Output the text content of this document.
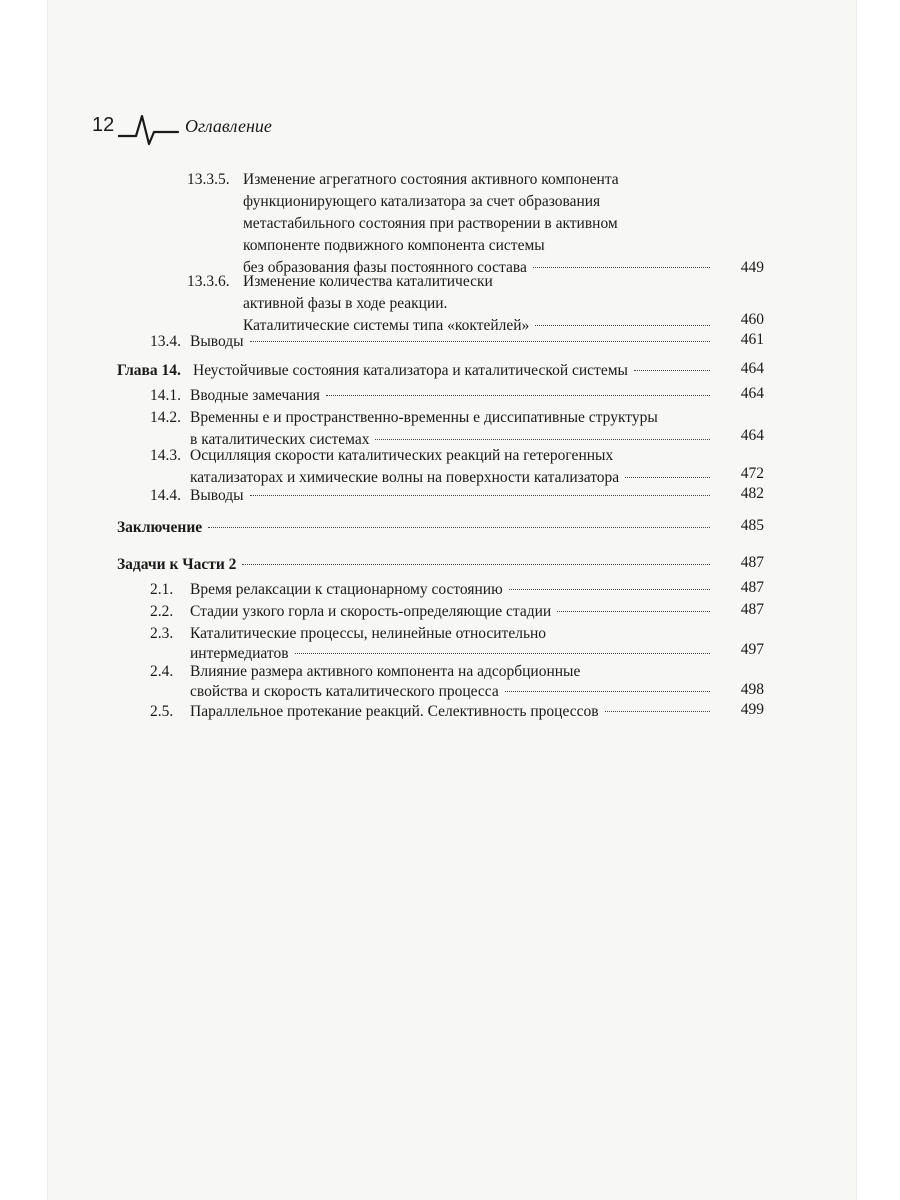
12	Оглавление
13.3.5. Изменение агрегатного состояния активного компонента
функционирующего катализатора за счет образования
метастабильного состояния при растворении в активном
компоненте подвижного компонента системы
без образования фазы постоянного состава	449
13.3.6. Изменение количества каталитически
активной фазы в ходе реакции.
Каталитические системы типа «коктейлей»	460
13.4. Выводы	461
Глава 14. Неустойчивые состояния катализатора и каталитической системы	464
14.1. Вводные замечания	464
14.2. Временны е и пространственно-временны е диссипативные структуры
в каталитических системах	464
14.3. Осцилляция скорости каталитических реакций на гетерогенных
катализаторах и химические волны на поверхности катализатора	472
14.4. Выводы	482
Заключение	485
Задачи к Части 2	487
2.1. Время релаксации к стационарному состоянию	487
2.2. Стадии узкого горла и скорость-определяющие стадии	487
2.3. Каталитические процессы, нелинейные относительно
интермедиатов	497
2.4. Влияние размера активного компонента на адсорбционные
свойства и скорость каталитического процесса	498
2.5. Параллельное протекание реакций. Селективность процессов	499
